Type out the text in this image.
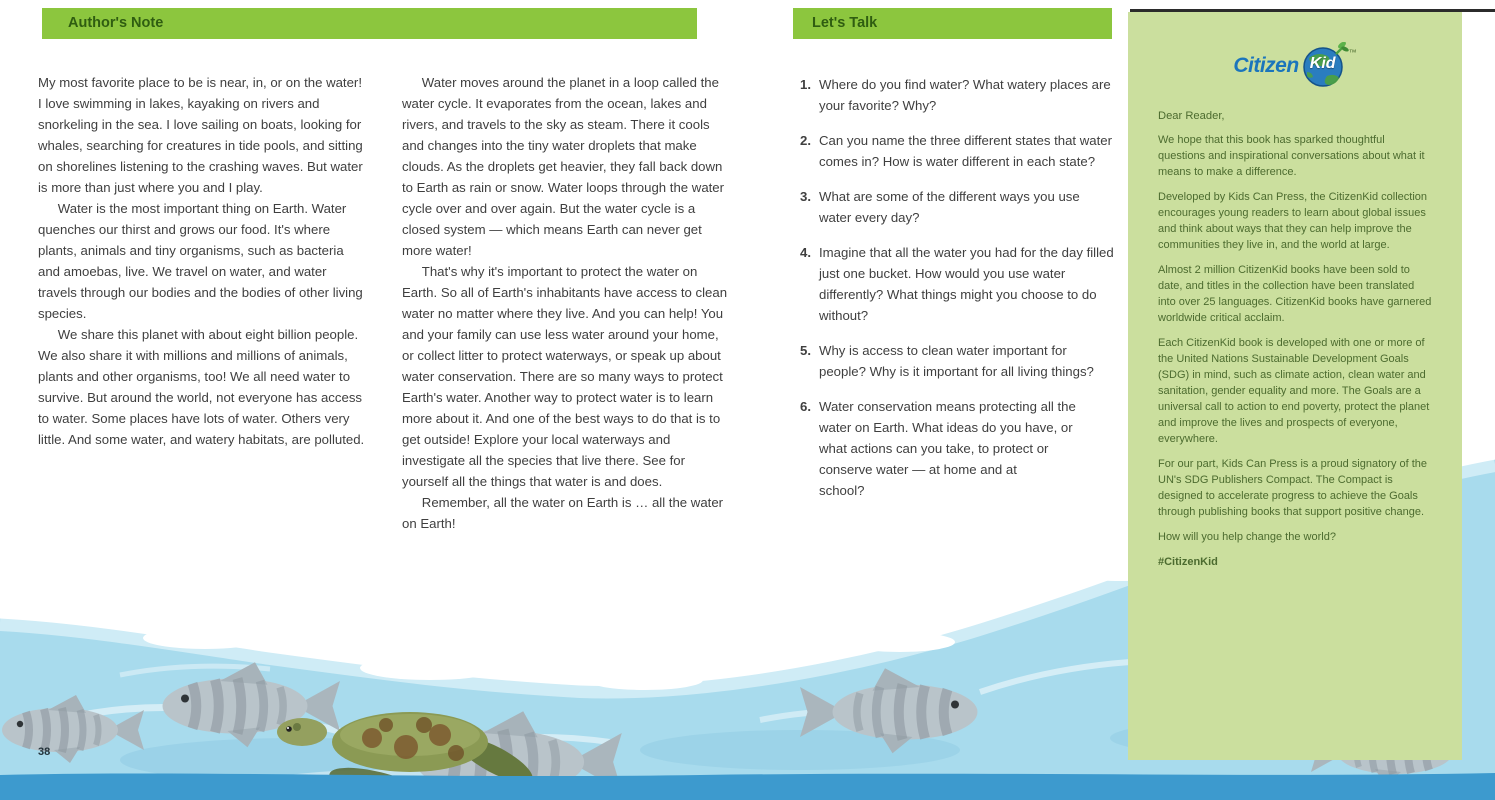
Author's Note

My most favorite place to be is near, in, or on the water! I love swimming in lakes, kayaking on rivers and snorkeling in the sea. I love sailing on boats, looking for whales, searching for creatures in tide pools, and sitting on shorelines listening to the crashing waves. But water is more than just where you and I play.

Water is the most important thing on Earth. Water quenches our thirst and grows our food. It's where plants, animals and tiny organisms, such as bacteria and amoebas, live. We travel on water, and water travels through our bodies and the bodies of other living species.

We share this planet with about eight billion people. We also share it with millions and millions of animals, plants and other organisms, too! We all need water to survive. But around the world, not everyone has access to water. Some places have lots of water. Others very little. And some water, and watery habitats, are polluted.

Water moves around the planet in a loop called the water cycle. It evaporates from the ocean, lakes and rivers, and travels to the sky as steam. There it cools and changes into the tiny water droplets that make clouds. As the droplets get heavier, they fall back down to Earth as rain or snow. Water loops through the water cycle over and over again. But the water cycle is a closed system — which means Earth can never get more water!

That's why it's important to protect the water on Earth. So all of Earth's inhabitants have access to clean water no matter where they live. And you can help! You and your family can use less water around your home, or collect litter to protect waterways, or speak up about water conservation. There are so many ways to protect Earth's water. Another way to protect water is to learn more about it. And one of the best ways to do that is to get outside! Explore your local waterways and investigate all the species that live there. See for yourself all the things that water is and does.

Remember, all the water on Earth is … all the water on Earth!

Let's Talk
1. Where do you find water? What watery places are your favorite? Why?
2. Can you name the three different states that water comes in? How is water different in each state?
3. What are some of the different ways you use water every day?
4. Imagine that all the water you had for the day filled just one bucket. How would you use water differently? What things might you choose to do without?
5. Why is access to clean water important for people? Why is it important for all living things?
6. Water conservation means protecting all the water on Earth. What ideas do you have, or what actions can you take, to protect or conserve water — at home and at school?
Citizen Kid
™

Dear Reader,

We hope that this book has sparked thoughtful questions and inspirational conversations about what it means to make a difference.

Developed by Kids Can Press, the CitizenKid collection encourages young readers to learn about global issues and think about ways that they can help improve the communities they live in, and the world at large.

Almost 2 million CitizenKid books have been sold to date, and titles in the collection have been translated into over 25 languages. CitizenKid books have garnered worldwide critical acclaim.

Each CitizenKid book is developed with one or more of the United Nations Sustainable Development Goals (SDG) in mind, such as climate action, clean water and sanitation, gender equality and more. The Goals are a universal call to action to end poverty, protect the planet and improve the lives and prospects of everyone, everywhere.

For our part, Kids Can Press is a proud signatory of the UN's SDG Publishers Compact. The Compact is designed to accelerate progress to achieve the Goals through publishing books that support positive change.

How will you help change the world?

#CitizenKid

38
